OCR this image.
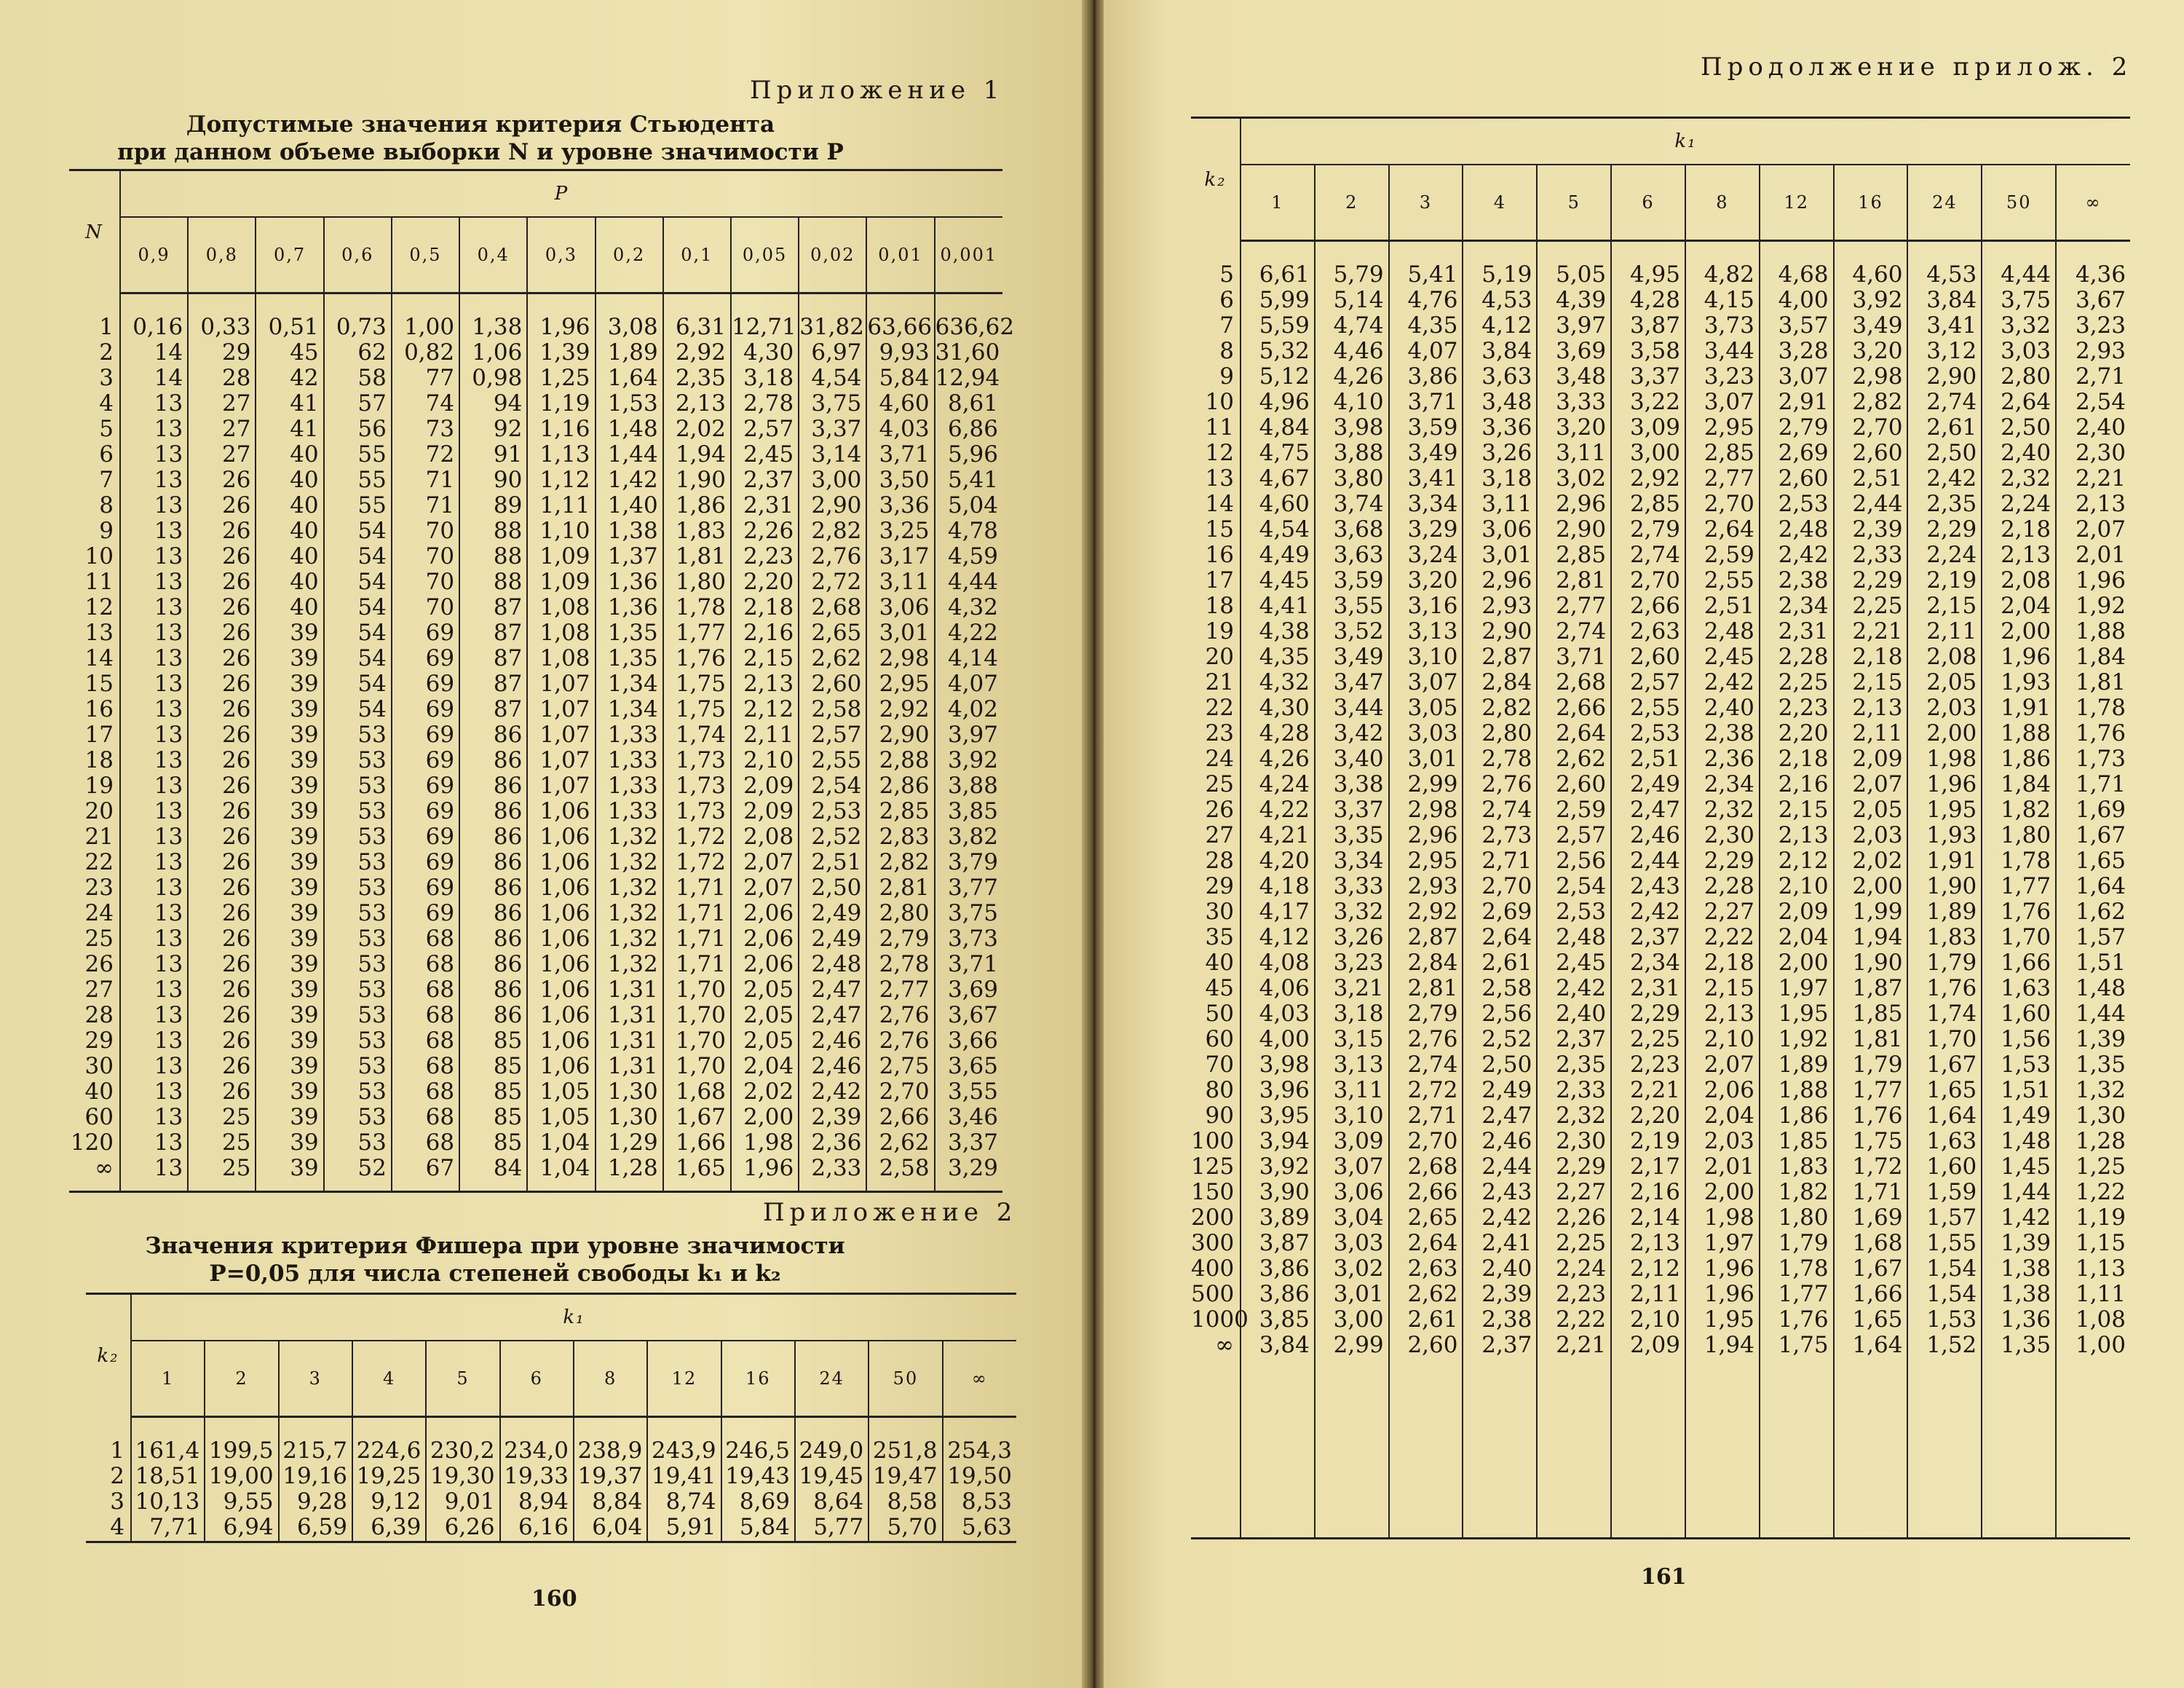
Приложение 1
Допустимые значения критерия Стьюдента
при данном объеме выборки N и уровне значимости P
N	P												
	0,9	0,8	0,7	0,6	0,5	0,4	0,3	0,2	0,1	0,05	0,02	0,01	0,001

1	0,16	0,33	0,51	0,73	1,00	1,38	1,96	3,08	6,31	12,71	31,82	63,66	636,62
2	14	29	45	62	0,82	1,06	1,39	1,89	2,92	4,30	6,97	9,93	31,60
3	14	28	42	58	77	0,98	1,25	1,64	2,35	3,18	4,54	5,84	12,94
4	13	27	41	57	74	94	1,19	1,53	2,13	2,78	3,75	4,60	8,61
5	13	27	41	56	73	92	1,16	1,48	2,02	2,57	3,37	4,03	6,86
6	13	27	40	55	72	91	1,13	1,44	1,94	2,45	3,14	3,71	5,96
7	13	26	40	55	71	90	1,12	1,42	1,90	2,37	3,00	3,50	5,41
8	13	26	40	55	71	89	1,11	1,40	1,86	2,31	2,90	3,36	5,04
9	13	26	40	54	70	88	1,10	1,38	1,83	2,26	2,82	3,25	4,78
10	13	26	40	54	70	88	1,09	1,37	1,81	2,23	2,76	3,17	4,59
11	13	26	40	54	70	88	1,09	1,36	1,80	2,20	2,72	3,11	4,44
12	13	26	40	54	70	87	1,08	1,36	1,78	2,18	2,68	3,06	4,32
13	13	26	39	54	69	87	1,08	1,35	1,77	2,16	2,65	3,01	4,22
14	13	26	39	54	69	87	1,08	1,35	1,76	2,15	2,62	2,98	4,14
15	13	26	39	54	69	87	1,07	1,34	1,75	2,13	2,60	2,95	4,07
16	13	26	39	54	69	87	1,07	1,34	1,75	2,12	2,58	2,92	4,02
17	13	26	39	53	69	86	1,07	1,33	1,74	2,11	2,57	2,90	3,97
18	13	26	39	53	69	86	1,07	1,33	1,73	2,10	2,55	2,88	3,92
19	13	26	39	53	69	86	1,07	1,33	1,73	2,09	2,54	2,86	3,88
20	13	26	39	53	69	86	1,06	1,33	1,73	2,09	2,53	2,85	3,85
21	13	26	39	53	69	86	1,06	1,32	1,72	2,08	2,52	2,83	3,82
22	13	26	39	53	69	86	1,06	1,32	1,72	2,07	2,51	2,82	3,79
23	13	26	39	53	69	86	1,06	1,32	1,71	2,07	2,50	2,81	3,77
24	13	26	39	53	69	86	1,06	1,32	1,71	2,06	2,49	2,80	3,75
25	13	26	39	53	68	86	1,06	1,32	1,71	2,06	2,49	2,79	3,73
26	13	26	39	53	68	86	1,06	1,32	1,71	2,06	2,48	2,78	3,71
27	13	26	39	53	68	86	1,06	1,31	1,70	2,05	2,47	2,77	3,69
28	13	26	39	53	68	86	1,06	1,31	1,70	2,05	2,47	2,76	3,67
29	13	26	39	53	68	85	1,06	1,31	1,70	2,05	2,46	2,76	3,66
30	13	26	39	53	68	85	1,06	1,31	1,70	2,04	2,46	2,75	3,65
40	13	26	39	53	68	85	1,05	1,30	1,68	2,02	2,42	2,70	3,55
60	13	25	39	53	68	85	1,05	1,30	1,67	2,00	2,39	2,66	3,46
120	13	25	39	53	68	85	1,04	1,29	1,66	1,98	2,36	2,62	3,37
∞	13	25	39	52	67	84	1,04	1,28	1,65	1,96	2,33	2,58	3,29

Приложение 2
Значения критерия Фишера при уровне значимости
P=0,05 для числа степеней свободы k₁ и k₂
k₂	k₁											
	1	2	3	4	5	6	8	12	16	24	50	∞

1	161,4	199,5	215,7	224,6	230,2	234,0	238,9	243,9	246,5	249,0	251,8	254,3
2	18,51	19,00	19,16	19,25	19,30	19,33	19,37	19,41	19,43	19,45	19,47	19,50
3	10,13	9,55	9,28	9,12	9,01	8,94	8,84	8,74	8,69	8,64	8,58	8,53
4	7,71	6,94	6,59	6,39	6,26	6,16	6,04	5,91	5,84	5,77	5,70	5,63

160
Продолжение прилож. 2
k₂	k₁											
	1	2	3	4	5	6	8	12	16	24	50	∞

5	6,61	5,79	5,41	5,19	5,05	4,95	4,82	4,68	4,60	4,53	4,44	4,36
6	5,99	5,14	4,76	4,53	4,39	4,28	4,15	4,00	3,92	3,84	3,75	3,67
7	5,59	4,74	4,35	4,12	3,97	3,87	3,73	3,57	3,49	3,41	3,32	3,23
8	5,32	4,46	4,07	3,84	3,69	3,58	3,44	3,28	3,20	3,12	3,03	2,93
9	5,12	4,26	3,86	3,63	3,48	3,37	3,23	3,07	2,98	2,90	2,80	2,71
10	4,96	4,10	3,71	3,48	3,33	3,22	3,07	2,91	2,82	2,74	2,64	2,54
11	4,84	3,98	3,59	3,36	3,20	3,09	2,95	2,79	2,70	2,61	2,50	2,40
12	4,75	3,88	3,49	3,26	3,11	3,00	2,85	2,69	2,60	2,50	2,40	2,30
13	4,67	3,80	3,41	3,18	3,02	2,92	2,77	2,60	2,51	2,42	2,32	2,21
14	4,60	3,74	3,34	3,11	2,96	2,85	2,70	2,53	2,44	2,35	2,24	2,13
15	4,54	3,68	3,29	3,06	2,90	2,79	2,64	2,48	2,39	2,29	2,18	2,07
16	4,49	3,63	3,24	3,01	2,85	2,74	2,59	2,42	2,33	2,24	2,13	2,01
17	4,45	3,59	3,20	2,96	2,81	2,70	2,55	2,38	2,29	2,19	2,08	1,96
18	4,41	3,55	3,16	2,93	2,77	2,66	2,51	2,34	2,25	2,15	2,04	1,92
19	4,38	3,52	3,13	2,90	2,74	2,63	2,48	2,31	2,21	2,11	2,00	1,88
20	4,35	3,49	3,10	2,87	3,71	2,60	2,45	2,28	2,18	2,08	1,96	1,84
21	4,32	3,47	3,07	2,84	2,68	2,57	2,42	2,25	2,15	2,05	1,93	1,81
22	4,30	3,44	3,05	2,82	2,66	2,55	2,40	2,23	2,13	2,03	1,91	1,78
23	4,28	3,42	3,03	2,80	2,64	2,53	2,38	2,20	2,11	2,00	1,88	1,76
24	4,26	3,40	3,01	2,78	2,62	2,51	2,36	2,18	2,09	1,98	1,86	1,73
25	4,24	3,38	2,99	2,76	2,60	2,49	2,34	2,16	2,07	1,96	1,84	1,71
26	4,22	3,37	2,98	2,74	2,59	2,47	2,32	2,15	2,05	1,95	1,82	1,69
27	4,21	3,35	2,96	2,73	2,57	2,46	2,30	2,13	2,03	1,93	1,80	1,67
28	4,20	3,34	2,95	2,71	2,56	2,44	2,29	2,12	2,02	1,91	1,78	1,65
29	4,18	3,33	2,93	2,70	2,54	2,43	2,28	2,10	2,00	1,90	1,77	1,64
30	4,17	3,32	2,92	2,69	2,53	2,42	2,27	2,09	1,99	1,89	1,76	1,62
35	4,12	3,26	2,87	2,64	2,48	2,37	2,22	2,04	1,94	1,83	1,70	1,57
40	4,08	3,23	2,84	2,61	2,45	2,34	2,18	2,00	1,90	1,79	1,66	1,51
45	4,06	3,21	2,81	2,58	2,42	2,31	2,15	1,97	1,87	1,76	1,63	1,48
50	4,03	3,18	2,79	2,56	2,40	2,29	2,13	1,95	1,85	1,74	1,60	1,44
60	4,00	3,15	2,76	2,52	2,37	2,25	2,10	1,92	1,81	1,70	1,56	1,39
70	3,98	3,13	2,74	2,50	2,35	2,23	2,07	1,89	1,79	1,67	1,53	1,35
80	3,96	3,11	2,72	2,49	2,33	2,21	2,06	1,88	1,77	1,65	1,51	1,32
90	3,95	3,10	2,71	2,47	2,32	2,20	2,04	1,86	1,76	1,64	1,49	1,30
100	3,94	3,09	2,70	2,46	2,30	2,19	2,03	1,85	1,75	1,63	1,48	1,28
125	3,92	3,07	2,68	2,44	2,29	2,17	2,01	1,83	1,72	1,60	1,45	1,25
150	3,90	3,06	2,66	2,43	2,27	2,16	2,00	1,82	1,71	1,59	1,44	1,22
200	3,89	3,04	2,65	2,42	2,26	2,14	1,98	1,80	1,69	1,57	1,42	1,19
300	3,87	3,03	2,64	2,41	2,25	2,13	1,97	1,79	1,68	1,55	1,39	1,15
400	3,86	3,02	2,63	2,40	2,24	2,12	1,96	1,78	1,67	1,54	1,38	1,13
500	3,86	3,01	2,62	2,39	2,23	2,11	1,96	1,77	1,66	1,54	1,38	1,11
1000	3,85	3,00	2,61	2,38	2,22	2,10	1,95	1,76	1,65	1,53	1,36	1,08
∞	3,84	2,99	2,60	2,37	2,21	2,09	1,94	1,75	1,64	1,52	1,35	1,00

161
